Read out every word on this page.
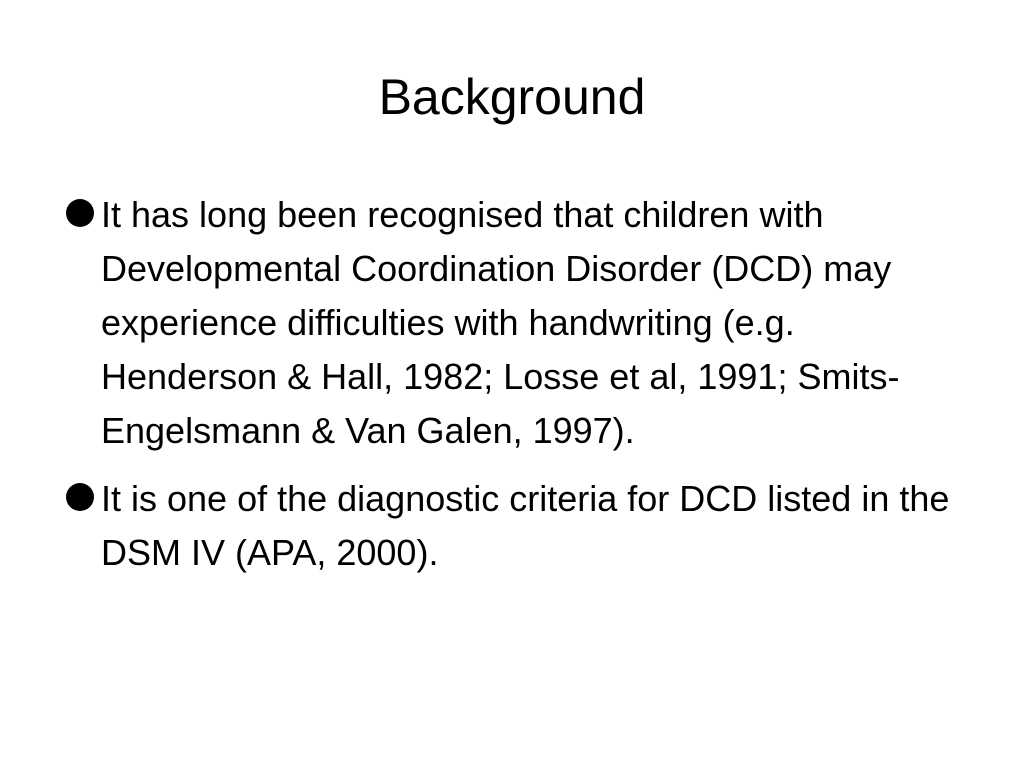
Background
It has long been recognised that children with Developmental Coordination Disorder (DCD) may experience difficulties with handwriting (e.g. Henderson & Hall, 1982; Losse et al, 1991; Smits-Engelsmann & Van Galen, 1997).
It is one of the diagnostic criteria for DCD listed in the DSM IV (APA, 2000).
